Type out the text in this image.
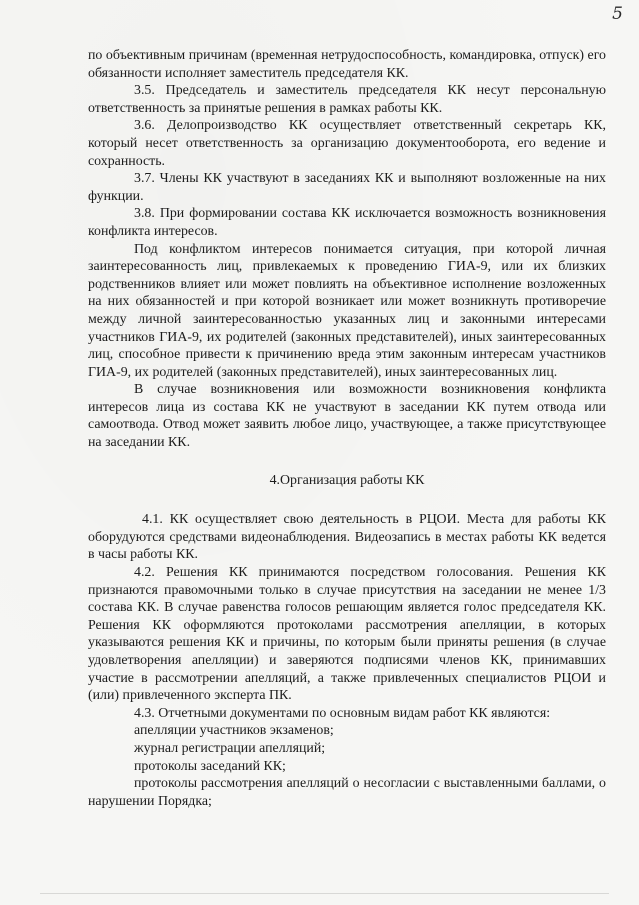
5

по объективным причинам (временная нетрудоспособность, командировка, отпуск) его обязанности исполняет заместитель председателя КК.

3.5. Председатель и заместитель председателя КК несут персональную ответственность за принятые решения в рамках работы КК.

3.6. Делопроизводство КК осуществляет ответственный секретарь КК, который несет ответственность за организацию документооборота, его ведение и сохранность.

3.7. Члены КК участвуют в заседаниях КК и выполняют возложенные на них функции.

3.8. При формировании состава КК исключается возможность возникновения конфликта интересов.

Под конфликтом интересов понимается ситуация, при которой личная заинтересованность лиц, привлекаемых к проведению ГИА-9, или их близких родственников влияет или может повлиять на объективное исполнение возложенных на них обязанностей и при которой возникает или может возникнуть противоречие между личной заинтересованностью указанных лиц и законными интересами участников ГИА-9, их родителей (законных представителей), иных заинтересованных лиц, способное привести к причинению вреда этим законным интересам участников ГИА-9, их родителей (законных представителей), иных заинтересованных лиц.

В случае возникновения или возможности возникновения конфликта интересов лица из состава КК не участвуют в заседании КК путем отвода или самоотвода. Отвод может заявить любое лицо, участвующее, а также присутствующее на заседании КК.

4.Организация работы КК

4.1. КК осуществляет свою деятельность в РЦОИ. Места для работы КК оборудуются средствами видеонаблюдения. Видеозапись в местах работы КК ведется в часы работы КК.

4.2. Решения КК принимаются посредством голосования. Решения КК признаются правомочными только в случае присутствия на заседании не менее 1/3 состава КК. В случае равенства голосов решающим является голос председателя КК. Решения КК оформляются протоколами рассмотрения апелляции, в которых указываются решения КК и причины, по которым были приняты решения (в случае удовлетворения апелляции) и заверяются подписями членов КК, принимавших участие в рассмотрении апелляций, а также привлеченных специалистов РЦОИ и (или) привлеченного эксперта ПК.

4.3. Отчетными документами по основным видам работ КК являются:

апелляции участников экзаменов;

журнал регистрации апелляций;

протоколы заседаний КК;

протоколы рассмотрения апелляций о несогласии с выставленными баллами, о нарушении Порядка;
